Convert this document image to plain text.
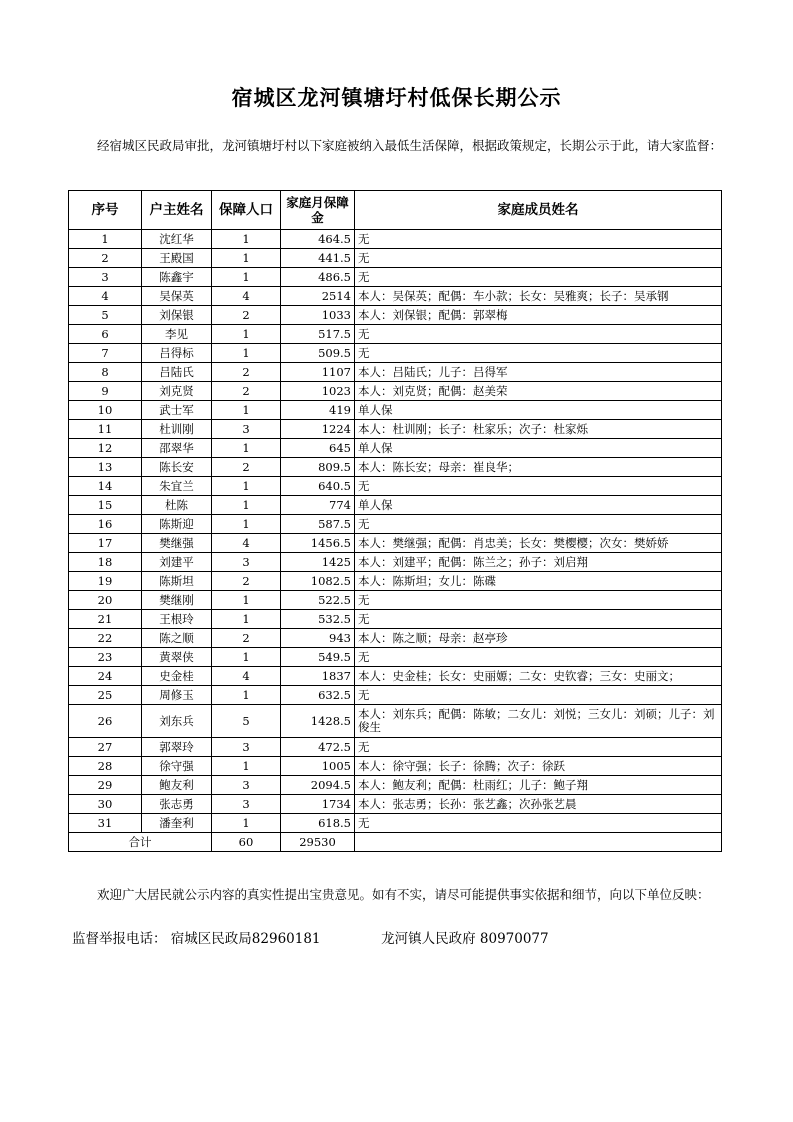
宿城区龙河镇塘圩村低保长期公示
经宿城区民政局审批，龙河镇塘圩村以下家庭被纳入最低生活保障，根据政策规定，长期公示于此，请大家监督：
序号	户主姓名	保障人口	家庭月保障　金	家庭成员姓名
1	沈红华	1	464.5	无
2	王殿国	1	441.5	无
3	陈鑫宇	1	486.5	无
4	吴保英	4	2514	本人：吴保英；配偶：车小款；长女：吴雅爽；长子：吴承钢
5	刘保银	2	1033	本人：刘保银；配偶：郭翠梅
6	李见	1	517.5	无
7	吕得标	1	509.5	无
8	吕陆氏	2	1107	本人：吕陆氏；儿子：吕得军
9	刘克贤	2	1023	本人：刘克贤；配偶：赵美荣
10	武士军	1	419	单人保
11	杜训刚	3	1224	本人：杜训刚；长子：杜家乐；次子：杜家烁
12	邵翠华	1	645	单人保
13	陈长安	2	809.5	本人：陈长安；母亲：崔良华；
14	朱宜兰	1	640.5	无
15	杜陈	1	774	单人保
16	陈斯迎	1	587.5	无
17	樊继强	4	1456.5	本人：樊继强；配偶：肖忠美；长女：樊樱樱；次女：樊娇娇
18	刘建平	3	1425	本人：刘建平；配偶：陈兰之；孙子：刘启翔
19	陈斯坦	2	1082.5	本人：陈斯坦；女儿：陈碟
20	樊继刚	1	522.5	无
21	王根玲	1	532.5	无
22	陈之顺	2	943	本人：陈之顺；母亲：赵亭珍
23	黄翠侠	1	549.5	无
24	史金桂	4	1837	本人：史金桂；长女：史丽嫄；二女：史钦睿；三女：史丽文；
25	周修玉	1	632.5	无
26	刘东兵	5	1428.5	本人：刘东兵；配偶：陈敏；二女儿：刘悦；三女儿：刘硕；儿子：刘俊生
27	郭翠玲	3	472.5	无
28	徐守强	1	1005	本人：徐守强；长子：徐腾；次子：徐跃
29	鲍友利	3	2094.5	本人：鲍友利；配偶：杜雨红；儿子：鲍子翔
30	张志勇	3	1734	本人：张志勇；长孙：张艺鑫；次孙张艺晨
31	潘奎利	1	618.5	无
合计		60	29530	
欢迎广大居民就公示内容的真实性提出宝贵意见。如有不实，请尽可能提供事实依据和细节，向以下单位反映：
监督举报电话： 宿城区民政局82960181	龙河镇人民政府 80970077
